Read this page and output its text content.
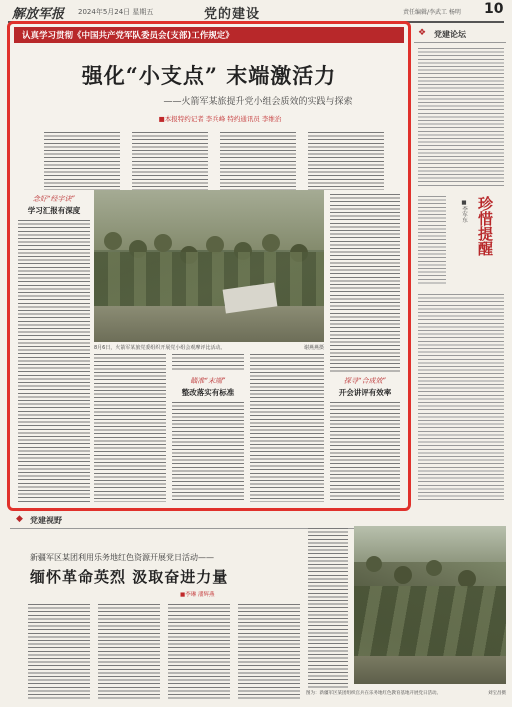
解放军报 2024年5月24日 星期五	党的建设	责任编辑/李武工 杨明 10
认真学习贯彻《中国共产党军队委员会(支部)工作规定》
强化“小支点” 末端激活力
——火箭军某旅提升党小组会质效的实践与探索
■本报特约记者 李兵峰 特约通讯员 李维治
念好“经字诀”
学习汇报有深度
8月6日，火箭军某旅党委组织开展党小组会观摩评比活动。	谢燕燕摄
瞄准“末端”
整改落实有标准
探寻“合成效”
开会讲评有效率
❖ 党建论坛
珍惜提醒
■李军东
◆ 党建视野
新疆军区某团利用乐务地红色资源开展党日活动——
缅怀革命英烈 汲取奋进力量
■李琳 潘辉燕
图为：新疆军区某团组织官兵在乐务地红色教育基地开展党日活动。	刘宝昌摄
